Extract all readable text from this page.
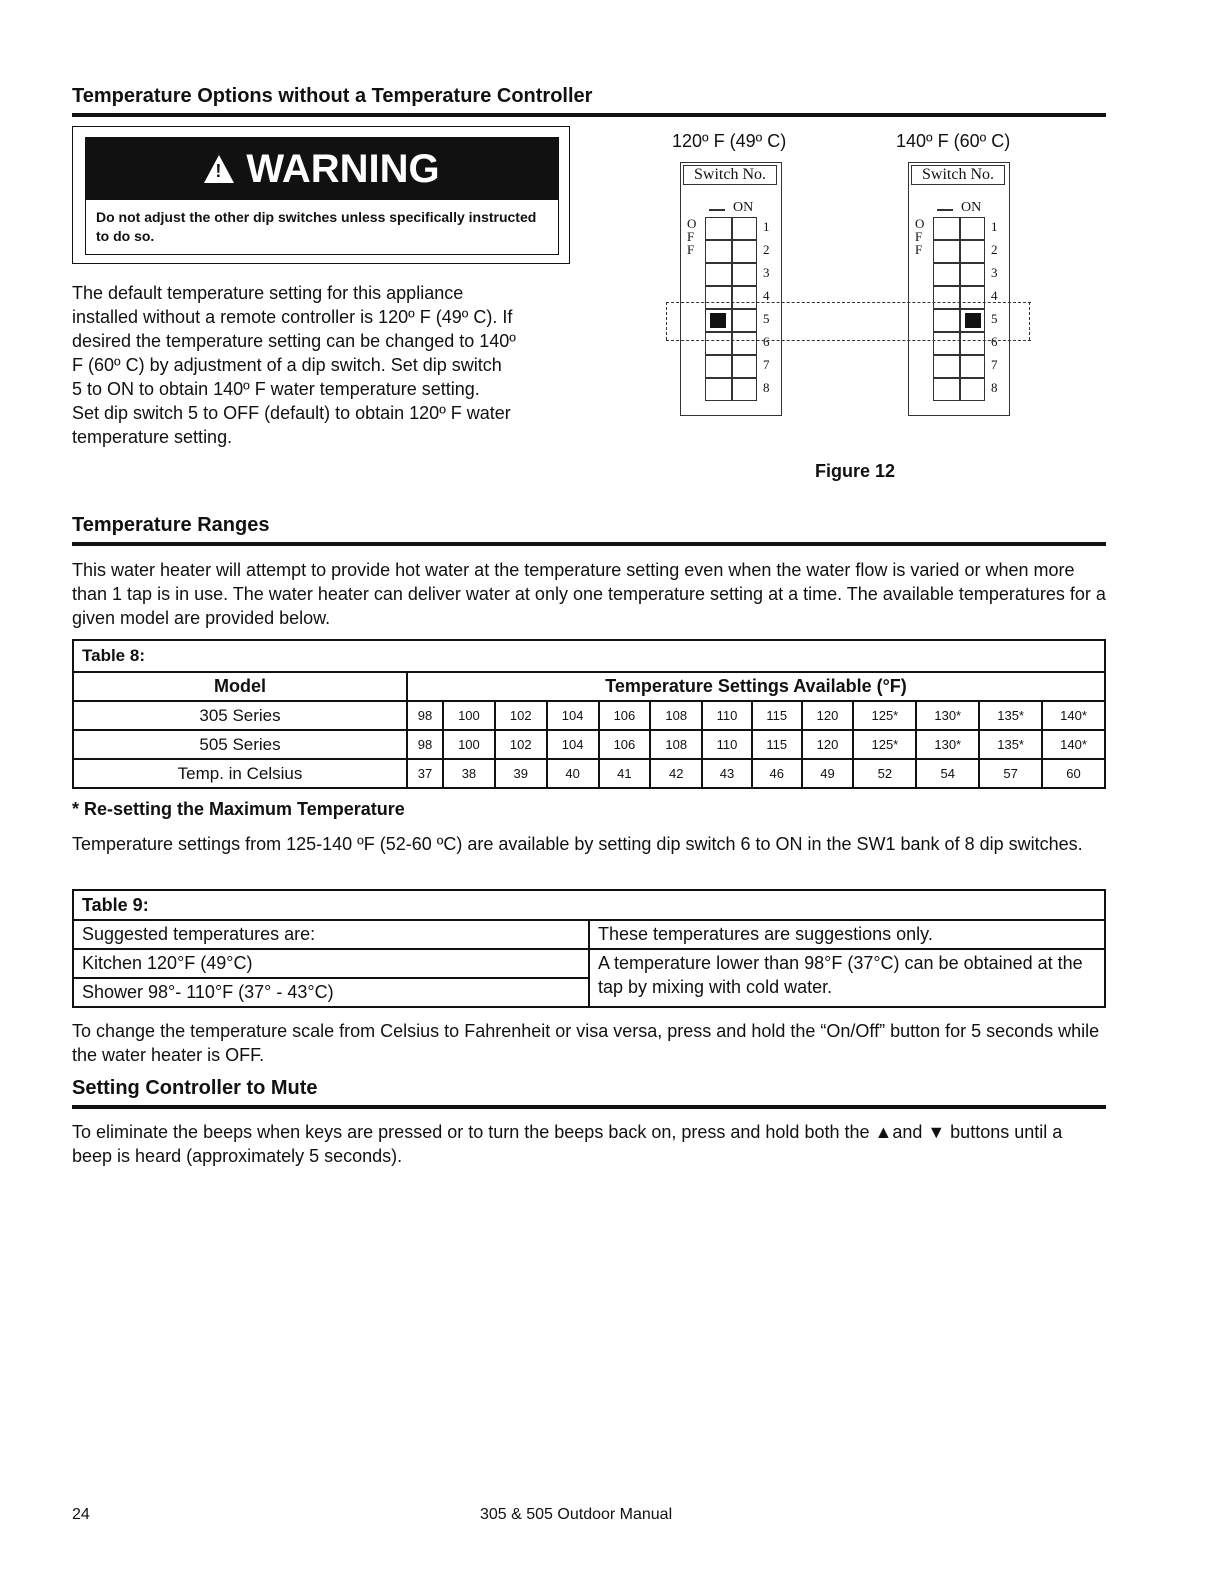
Temperature Options without a Temperature Controller
!
WARNING
Do not adjust the other dip switches unless specifically instructed to do so.
The default temperature setting for this appliance
installed without a remote controller is 120º F (49º C). If
desired the temperature setting can be changed to 140º
F (60º C) by adjustment of a dip switch. Set dip switch
5 to ON to obtain 140º F water temperature setting.
Set dip switch 5 to OFF (default) to obtain 120º F water
temperature setting.
120º F (49º C)	140º F (60º C)
Switch No.
ON
OFF
1
2
3
4
5
6
7
8
Switch No.
ON
OFF
1
2
3
4
5
6
7
8
Figure 12
Temperature Ranges
This water heater will attempt to provide hot water at the temperature setting even when the water flow is varied or when more than 1 tap is in use. The water heater can deliver water at only one temperature setting at a time. The available temperatures for a given model are provided below.
Table 8:													
Model	Temperature Settings Available (°F)												
305 Series	98	100	102	104	106	108	110	115	120	125*	130*	135*	140*
505 Series	98	100	102	104	106	108	110	115	120	125*	130*	135*	140*
Temp. in Celsius	37	38	39	40	41	42	43	46	49	52	54	57	60
* Re-setting the Maximum Temperature
Temperature settings from 125-140 ºF (52-60 ºC) are available by setting dip switch 6 to ON in the SW1 bank of 8 dip switches.
Table 9:	
Suggested temperatures are:	These temperatures are suggestions only.
Kitchen 120°F (49°C)	A temperature lower than 98°F (37°C) can be obtained at the tap by mixing with cold water.
Shower 98°- 110°F (37° - 43°C)	
To change the temperature scale from Celsius to Fahrenheit or visa versa, press and hold the “On/Off” button for 5 seconds while the water heater is OFF.
Setting Controller to Mute
To eliminate the beeps when keys are pressed or to turn the beeps back on, press and hold both the ▲and ▼ buttons until a beep is heard (approximately 5 seconds).
24	305 & 505 Outdoor Manual
